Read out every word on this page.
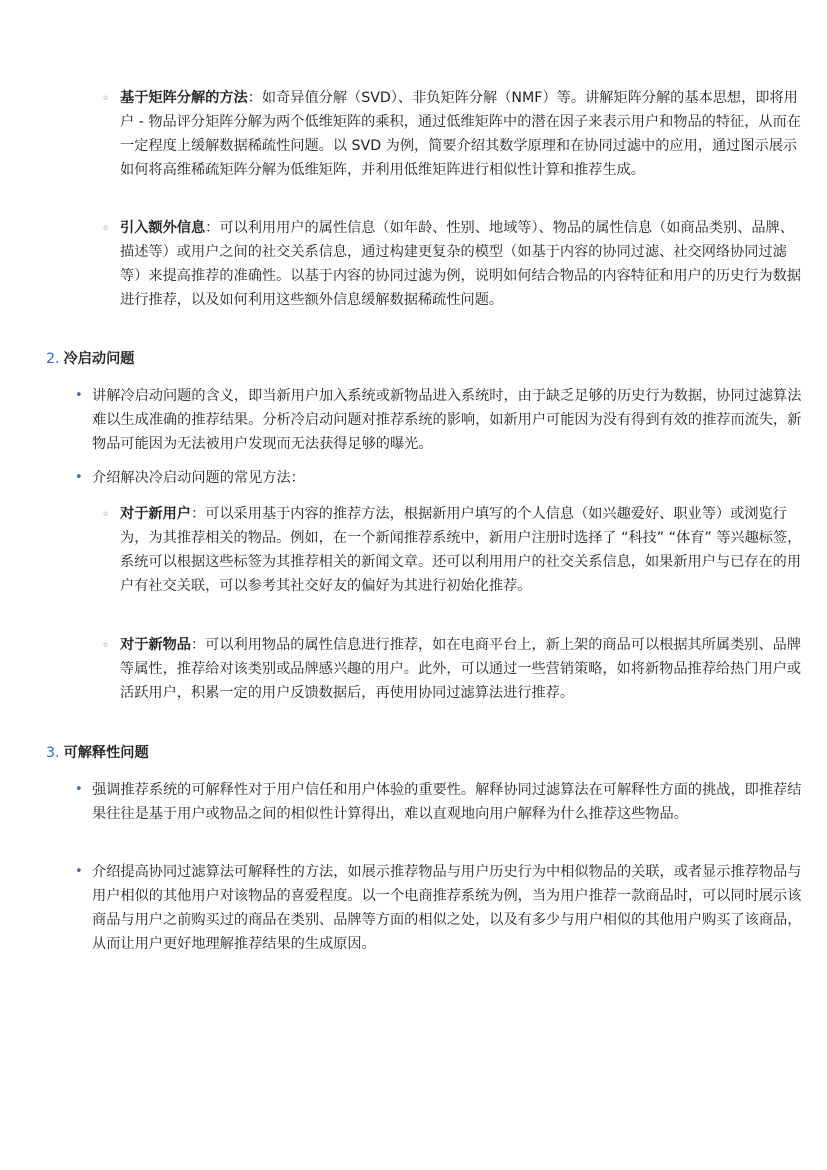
◦ 基于矩阵分解的方法：如奇异值分解（SVD）、非负矩阵分解（NMF）等。讲解矩阵分解的基本思想，即将用户 - 物品评分矩阵分解为两个低维矩阵的乘积，通过低维矩阵中的潜在因子来表示用户和物品的特征，从而在一定程度上缓解数据稀疏性问题。以 SVD 为例，简要介绍其数学原理和在协同过滤中的应用，通过图示展示如何将高维稀疏矩阵分解为低维矩阵，并利用低维矩阵进行相似性计算和推荐生成。
◦ 引入额外信息：可以利用用户的属性信息（如年龄、性别、地域等）、物品的属性信息（如商品类别、品牌、描述等）或用户之间的社交关系信息，通过构建更复杂的模型（如基于内容的协同过滤、社交网络协同过滤等）来提高推荐的准确性。以基于内容的协同过滤为例，说明如何结合物品的内容特征和用户的历史行为数据进行推荐，以及如何利用这些额外信息缓解数据稀疏性问题。
2. 冷启动问题
• 讲解冷启动问题的含义，即当新用户加入系统或新物品进入系统时，由于缺乏足够的历史行为数据，协同过滤算法难以生成准确的推荐结果。分析冷启动问题对推荐系统的影响，如新用户可能因为没有得到有效的推荐而流失，新物品可能因为无法被用户发现而无法获得足够的曝光。
• 介绍解决冷启动问题的常见方法：
◦ 对于新用户：可以采用基于内容的推荐方法，根据新用户填写的个人信息（如兴趣爱好、职业等）或浏览行为，为其推荐相关的物品。例如，在一个新闻推荐系统中，新用户注册时选择了 “科技” “体育” 等兴趣标签，系统可以根据这些标签为其推荐相关的新闻文章。还可以利用用户的社交关系信息，如果新用户与已存在的用户有社交关联，可以参考其社交好友的偏好为其进行初始化推荐。
◦ 对于新物品：可以利用物品的属性信息进行推荐，如在电商平台上，新上架的商品可以根据其所属类别、品牌等属性，推荐给对该类别或品牌感兴趣的用户。此外，可以通过一些营销策略，如将新物品推荐给热门用户或活跃用户，积累一定的用户反馈数据后，再使用协同过滤算法进行推荐。
3. 可解释性问题
• 强调推荐系统的可解释性对于用户信任和用户体验的重要性。解释协同过滤算法在可解释性方面的挑战，即推荐结果往往是基于用户或物品之间的相似性计算得出，难以直观地向用户解释为什么推荐这些物品。
• 介绍提高协同过滤算法可解释性的方法，如展示推荐物品与用户历史行为中相似物品的关联，或者显示推荐物品与用户相似的其他用户对该物品的喜爱程度。以一个电商推荐系统为例，当为用户推荐一款商品时，可以同时展示该商品与用户之前购买过的商品在类别、品牌等方面的相似之处，以及有多少与用户相似的其他用户购买了该商品，从而让用户更好地理解推荐结果的生成原因。
